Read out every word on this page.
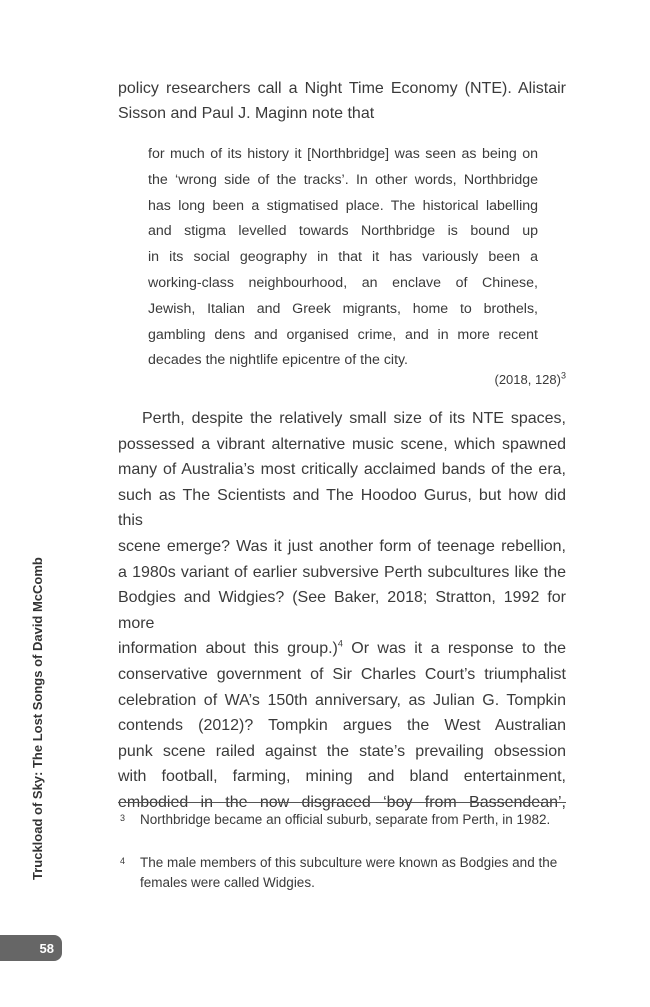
policy researchers call a Night Time Economy (NTE). Alistair

Sisson and Paul J. Maginn note that

for much of its history it [Northbridge] was seen as being on

the ‘wrong side of the tracks’. In other words, Northbridge

has long been a stigmatised place. The historical labelling

and stigma levelled towards Northbridge is bound up

in its social geography in that it has variously been a

working-class neighbourhood, an enclave of Chinese,

Jewish, Italian and Greek migrants, home to brothels,

gambling dens and organised crime, and in more recent

decades the nightlife epicentre of the city.

(2018, 128)$^3$

Perth, despite the relatively small size of its NTE spaces,

possessed a vibrant alternative music scene, which spawned

many of Australia’s most critically acclaimed bands of the era,

such as The Scientists and The Hoodoo Gurus, but how did this

scene emerge? Was it just another form of teenage rebellion,

a 1980s variant of earlier subversive Perth subcultures like the

Bodgies and Widgies? (See Baker, 2018; Stratton, 1992 for more

information about this group.)$^4$ Or was it a response to the

conservative government of Sir Charles Court’s triumphalist

celebration of WA’s 150th anniversary, as Julian G. Tompkin

contends (2012)? Tompkin argues the West Australian

punk scene railed against the state’s prevailing obsession

with football, farming, mining and bland entertainment,

embodied in the now disgraced ‘boy from Bassendean’,

3 Northbridge became an official suburb, separate from Perth, in 1982.
4 The male members of this subculture were known as Bodgies and the females were called Widgies.
Truckload of Sky: The Lost Songs of David McComb
58
